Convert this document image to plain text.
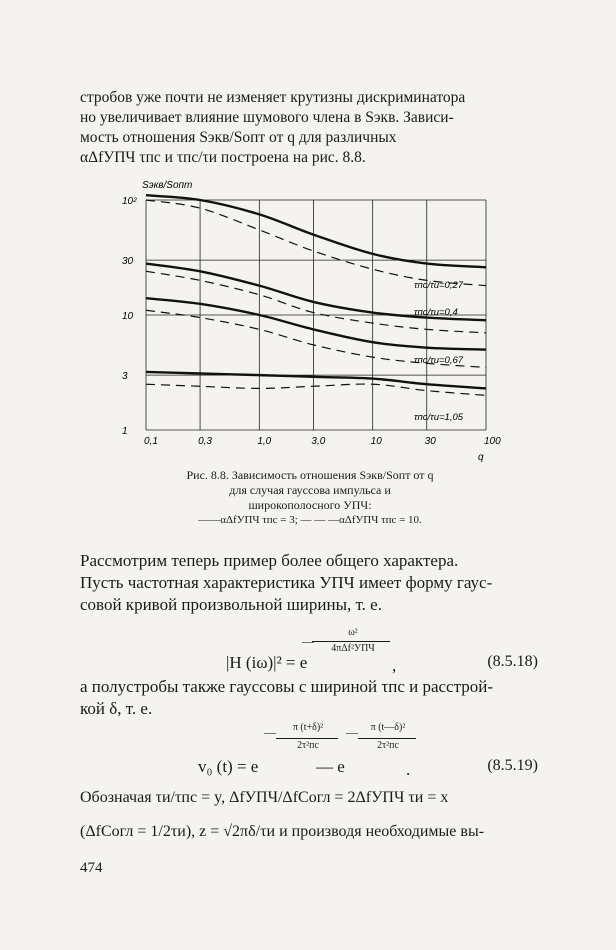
стробов уже почти не изменяет крутизны дискриминатора

но увеличивает влияние шумового члена в Sэкв. Зависи-

мость отношения Sэкв/Sопт от q для различных

αΔfУПЧ τпс и τпс/τи построена на рис. 8.8.

Sэкв/Sопт
q
0,1	0,3	1,0	3,0	10	30	100
10²
30
10
3
1
τпс/τи=0,27
τпс/τи=0,4
τпс/τи=0,67
τпс/τи=1,05
Рис. 8.8. Зависимость отношения Sэкв/Sопт от q
для случая гауссова импульса и
широкополосного УПЧ:
——αΔfУПЧ τпс = 3; — — —αΔfУПЧ τпс = 10.

Рассмотрим теперь пример более общего характера.

Пусть частотная характеристика УПЧ имеет форму гаус-

совой кривой произвольной ширины, т. е.

ω²
—
4πΔf²УПЧ
|H (iω)|² = e	,	(8.5.18)

а полустробы также гауссовы с шириной τпс и расстрой-

кой δ, т. е.

v₀ (t) = e
—	π (t+δ)²
2τ²пс
— e
—	π (t—δ)²
2τ²пс
.	(8.5.19)

Обозначая τи/τпс = y, ΔfУПЧ/ΔfСогл = 2ΔfУПЧ τи = x

(ΔfСогл = 1/2τи), z = √2πδ/τи и производя необходимые вы-

474
